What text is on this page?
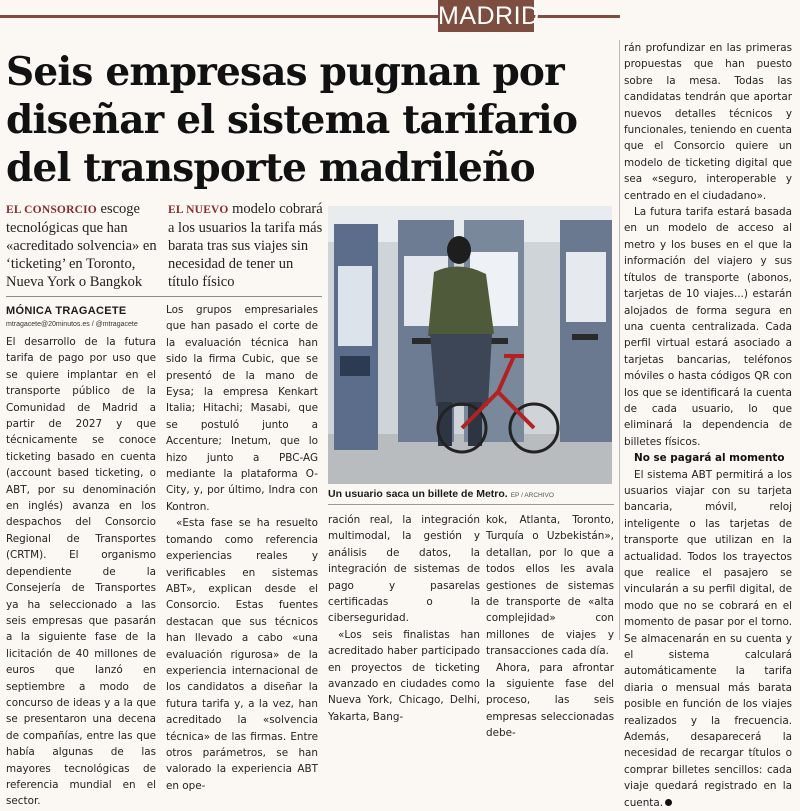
MADRID
Seis empresas pugnan por diseñar el sistema tarifario del transporte madrileño
EL CONSORCIO escoge tecnológicas que han «acreditado solvencia» en ‘ticketing’ en Toronto, Nueva York o Bangkok
EL NUEVO modelo cobrará a los usuarios la tarifa más barata tras sus viajes sin necesidad de tener un título físico
MÓNICA TRAGACETE
mtragacete@20minutos.es / @mtragacete

El desarrollo de la futura tarifa de pago por uso que se quiere implantar en el transporte público de la Comunidad de Madrid a partir de 2027 y que técnicamente se conoce ticketing basado en cuenta (account based ticketing, o ABT, por su denominación en inglés) avanza en los despachos del Consorcio Regional de Transportes (CRTM). El organismo dependiente de la Consejería de Transportes ya ha seleccionado a las seis empresas que pasarán a la siguiente fase de la licitación de 40 millones de euros que lanzó en septiembre a modo de concurso de ideas y a la que se presentaron una decena de compañías, entre las que había algunas de las mayores tecnológicas de referencia mundial en el sector.

Los grupos empresariales que han pasado el corte de la evaluación técnica han sido la firma Cubic, que se presentó de la mano de Eysa; la empresa Kenkart Italia; Hitachi; Masabi, que se postuló junto a Accenture; Inetum, que lo hizo junto a PBC-AG mediante la plataforma O-City, y, por último, Indra con Kontron.

«Esta fase se ha resuelto tomando como referencia experiencias reales y verificables en sistemas ABT», explican desde el Consorcio. Estas fuentes destacan que sus técnicos han llevado a cabo «una evaluación rigurosa» de la experiencia internacional de los candidatos a diseñar la futura tarifa y, a la vez, han acreditado la «solvencia técnica» de las firmas. Entre otros parámetros, se han valorado la experiencia ABT en ope-

Un usuario saca un billete de Metro. EP / ARCHIVO

ración real, la integración multimodal, la gestión y análisis de datos, la integración de sistemas de pago y pasarelas certificadas o la ciberseguridad.

«Los seis finalistas han acreditado haber participado en proyectos de ticketing avanzado en ciudades como Nueva York, Chicago, Delhi, Yakarta, Bang-

kok, Atlanta, Toronto, Turquía o Uzbekistán», detallan, por lo que a todos ellos les avala gestiones de sistemas de transporte de «alta complejidad» con millones de viajes y transacciones cada día.

Ahora, para afrontar la siguiente fase del proceso, las seis empresas seleccionadas debe-

rán profundizar en las primeras propuestas que han puesto sobre la mesa. Todas las candidatas tendrán que aportar nuevos detalles técnicos y funcionales, teniendo en cuenta que el Consorcio quiere un modelo de ticketing digital que sea «seguro, interoperable y centrado en el ciudadano».

La futura tarifa estará basada en un modelo de acceso al metro y los buses en el que la información del viajero y sus títulos de transporte (abonos, tarjetas de 10 viajes...) estarán alojados de forma segura en una cuenta centralizada. Cada perfil virtual estará asociado a tarjetas bancarias, teléfonos móviles o hasta códigos QR con los que se identificará la cuenta de cada usuario, lo que eliminará la dependencia de billetes físicos.

No se pagará al momento

El sistema ABT permitirá a los usuarios viajar con su tarjeta bancaria, móvil, reloj inteligente o las tarjetas de transporte que utilizan en la actualidad. Todos los trayectos que realice el pasajero se vincularán a su perfil digital, de modo que no se cobrará en el momento de pasar por el torno. Se almacenarán en su cuenta y el sistema calculará automáticamente la tarifa diaria o mensual más barata posible en función de los viajes realizados y la frecuencia. Además, desaparecerá la necesidad de recargar títulos o comprar billetes sencillos: cada viaje quedará registrado en la cuenta.
